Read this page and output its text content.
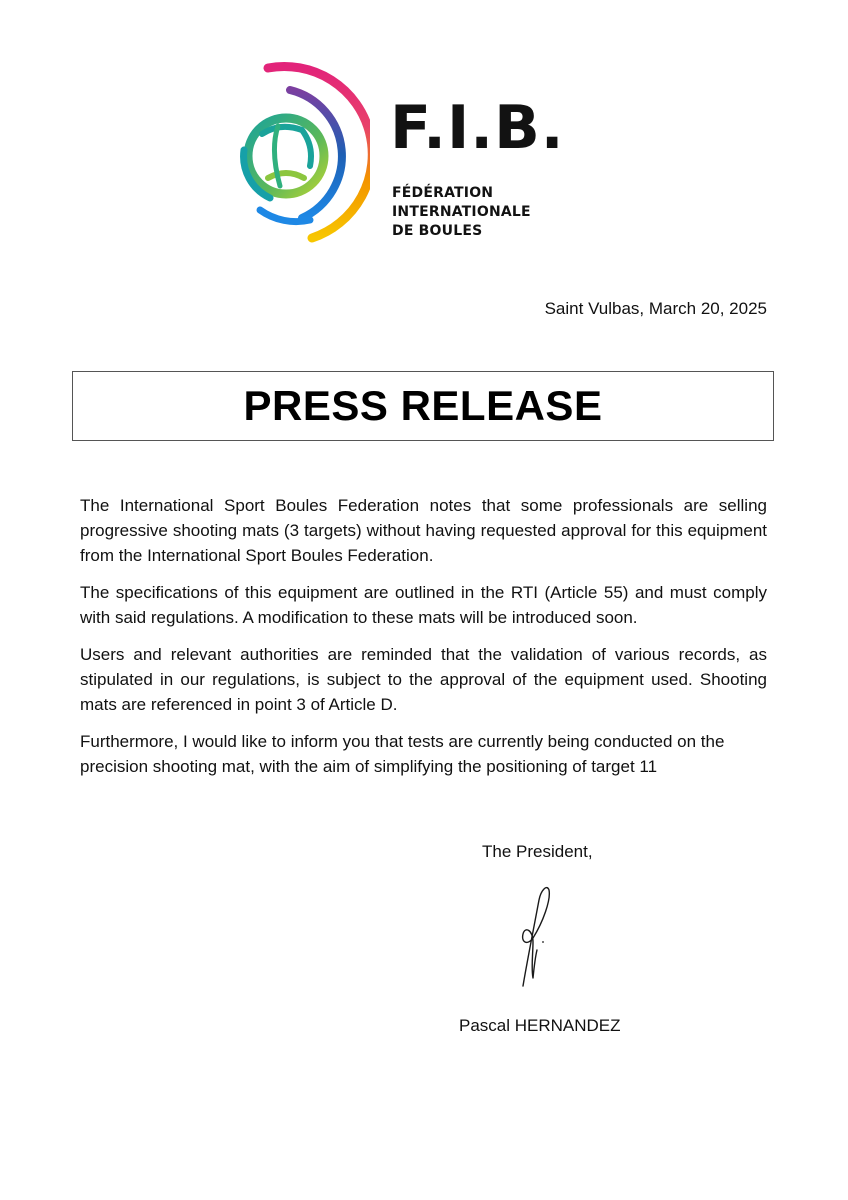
F.I.B.
FÉDÉRATION INTERNATIONALE
DE BOULES
Saint Vulbas, March 20, 2025
PRESS RELEASE

The International Sport Boules Federation notes that some professionals are selling progressive shooting mats (3 targets) without having requested approval for this equipment from the International Sport Boules Federation.

The specifications of this equipment are outlined in the RTI (Article 55) and must comply with said regulations. A modification to these mats will be introduced soon.

Users and relevant authorities are reminded that the validation of various records, as stipulated in our regulations, is subject to the approval of the equipment used. Shooting mats are referenced in point 3 of Article D.

Furthermore, I would like to inform you that tests are currently being conducted on the precision shooting mat, with the aim of simplifying the positioning of target 11

The President,
Pascal HERNANDEZ
